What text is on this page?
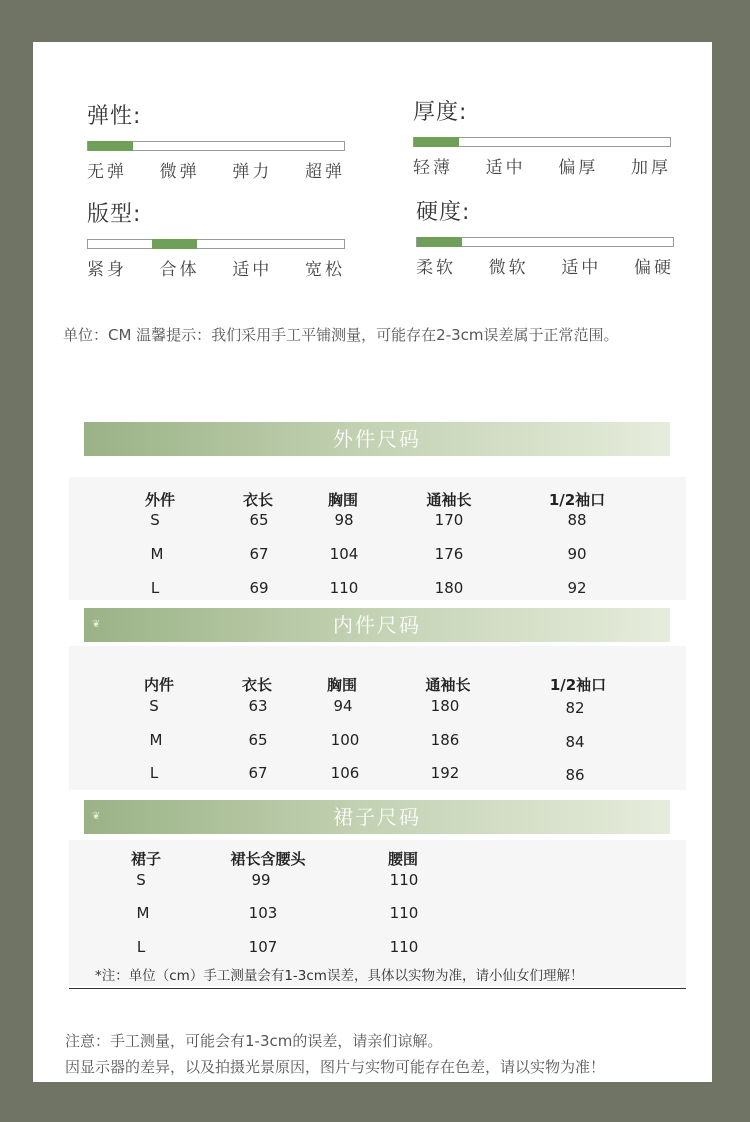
弹性:
无弹 微弹 弹力 超弹
厚度:
轻薄 适中 偏厚 加厚
版型:
紧身 合体 适中 宽松
硬度:
柔软 微软 适中 偏硬
单位：CM 温馨提示：我们采用手工平铺测量，可能存在2-3cm误差属于正常范围。
外件尺码
外件	衣长	胸围	通袖长	1/2袖口
S	65	98	170	88
M	67	104	176	90
L	69	110	180	92
❦	内件尺码	❦
内件	衣长	胸围	通袖长	1/2袖口
S	63	94	180	82
M	65	100	186	84
L	67	106	192	86
❦	裙子尺码	❦
裙子	裙长含腰头	腰围
S	99	110
M	103	110
L	107	110
*注：单位（cm）手工测量会有1-3cm误差，具体以实物为准，请小仙女们理解！
注意：手工测量，可能会有1-3cm的误差，请亲们谅解。
因显示器的差异，以及拍摄光景原因，图片与实物可能存在色差，请以实物为准！
